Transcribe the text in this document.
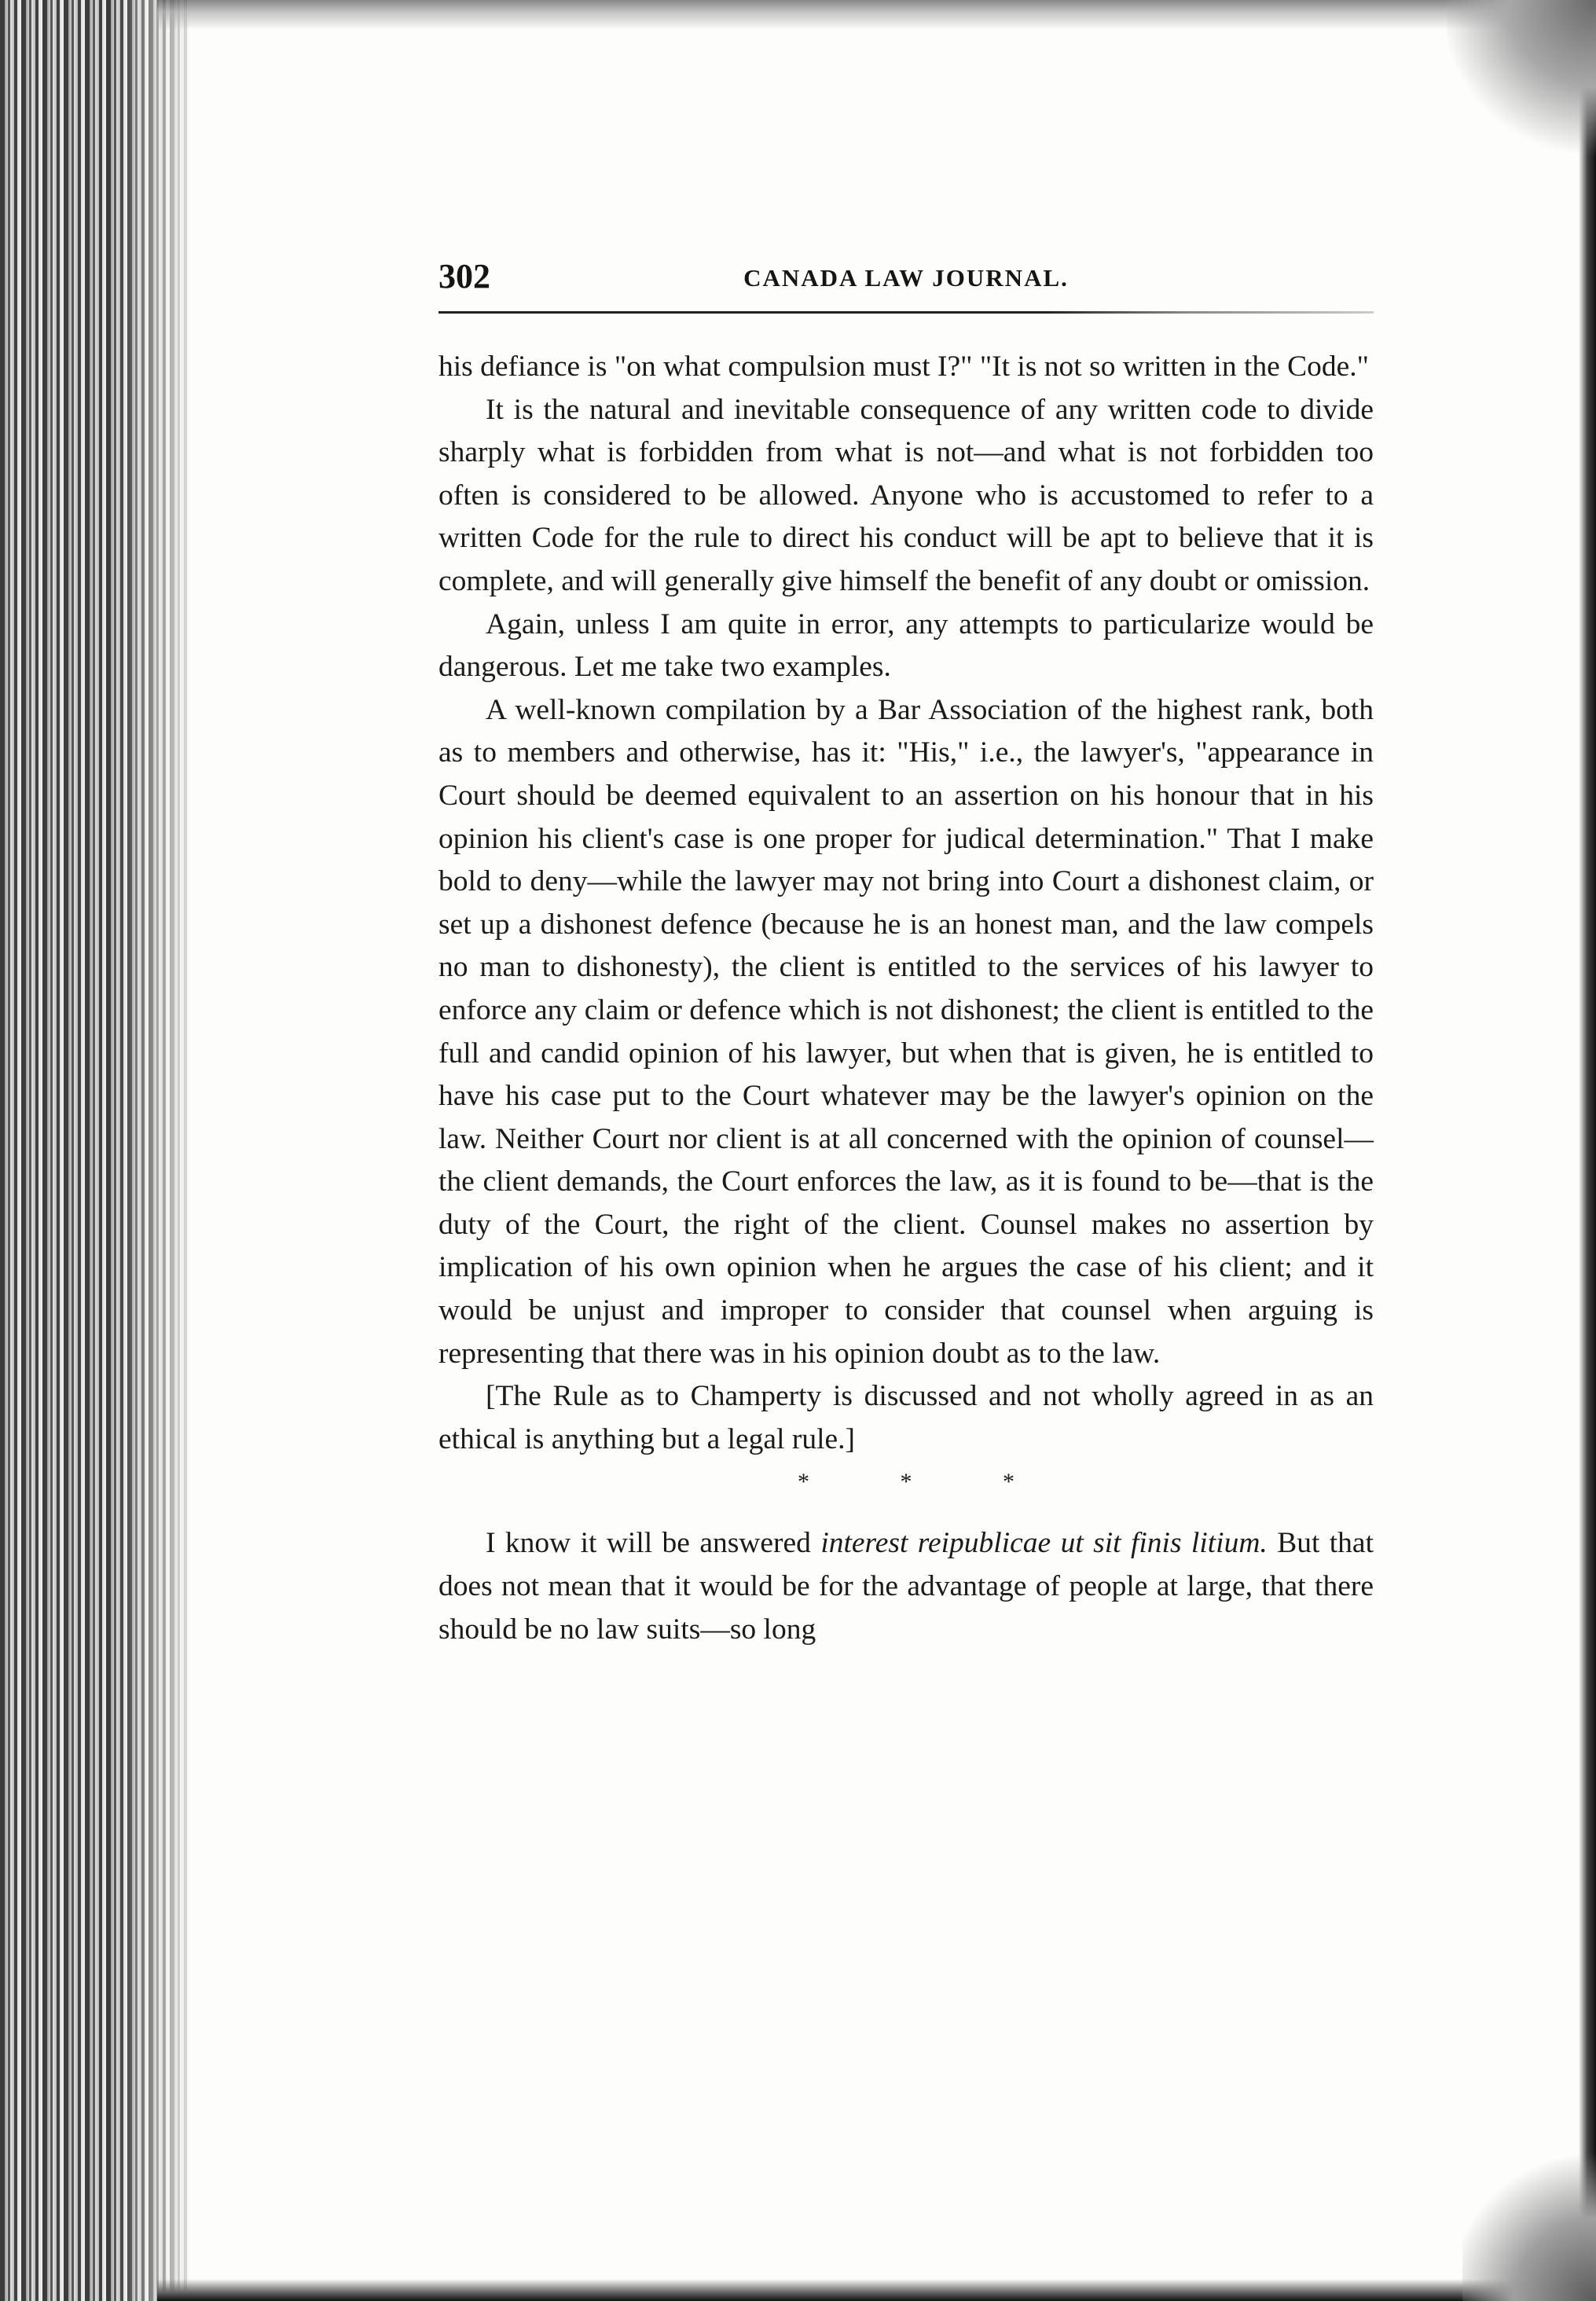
302	CANADA LAW JOURNAL.

his defiance is "on what compulsion must I?" "It is not so written in the Code."

It is the natural and inevitable consequence of any written code to divide sharply what is forbidden from what is not—and what is not forbidden too often is considered to be allowed. Anyone who is accustomed to refer to a written Code for the rule to direct his conduct will be apt to believe that it is complete, and will generally give himself the benefit of any doubt or omission.

Again, unless I am quite in error, any attempts to particularize would be dangerous. Let me take two examples.

A well-known compilation by a Bar Association of the highest rank, both as to members and otherwise, has it: "His," i.e., the lawyer's, "appearance in Court should be deemed equivalent to an assertion on his honour that in his opinion his client's case is one proper for judical determination." That I make bold to deny—while the lawyer may not bring into Court a dishonest claim, or set up a dishonest defence (because he is an honest man, and the law compels no man to dishonesty), the client is entitled to the services of his lawyer to enforce any claim or defence which is not dishonest; the client is entitled to the full and candid opinion of his lawyer, but when that is given, he is entitled to have his case put to the Court whatever may be the lawyer's opinion on the law. Neither Court nor client is at all concerned with the opinion of counsel—the client demands, the Court enforces the law, as it is found to be—that is the duty of the Court, the right of the client. Counsel makes no assertion by implication of his own opinion when he argues the case of his client; and it would be unjust and improper to consider that counsel when arguing is representing that there was in his opinion doubt as to the law.

[The Rule as to Champerty is discussed and not wholly agreed in as an ethical is anything but a legal rule.]

* * *

I know it will be answered interest reipublicae ut sit finis litium. But that does not mean that it would be for the advantage of people at large, that there should be no law suits—so long
